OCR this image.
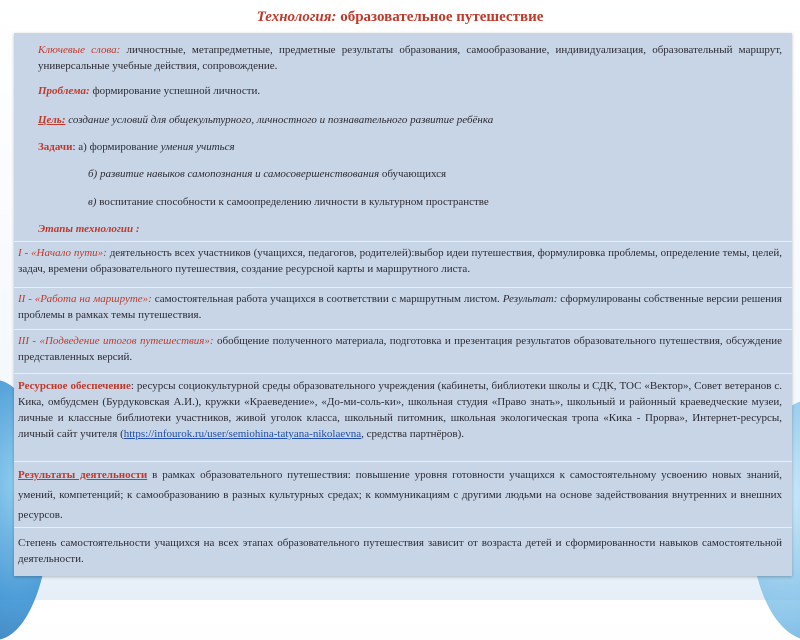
Технология: образовательное путешествие

Ключевые слова: личностные, метапредметные, предметные результаты образования, самообразование, индивидуализация, образовательный маршрут, универсальные учебные действия, сопровождение.

Проблема: формирование успешной личности.

Цель: создание условий для общекультурного, личностного и познавательного развитие ребёнка

Задачи: а) формирование умения учиться

б) развитие навыков самопознания и самосовершенствования обучающихся

в) воспитание способности к самоопределению личности в культурном пространстве

Этапы технологии :

I - «Начало пути»: деятельность всех участников (учащихся, педагогов, родителей):выбор идеи путешествия, формулировка проблемы, определение темы, целей, задач, времени образовательного путешествия, создание ресурсной карты и маршрутного листа.

II - «Работа на маршруте»: самостоятельная работа учащихся в соответствии с маршрутным листом. Результат: сформулированы собственные версии решения проблемы в рамках темы путешествия.

III - «Подведение итогов путешествия»: обобщение полученного материала, подготовка и презентация результатов образовательного путешествия, обсуждение представленных версий.

Ресурсное обеспечение: ресурсы социокультурной среды образовательного учреждения (кабинеты, библиотеки школы и СДК, ТОС «Вектор», Совет ветеранов с. Кика, омбудсмен (Бурдуковская А.И.), кружки «Краеведение», «До-ми-соль-ки», школьная студия «Право знать», школьный и районный краеведческие музеи, личные и классные библиотеки участников, живой уголок класса, школьный питомник, школьная экологическая тропа «Кика - Прорва», Интернет-ресурсы, личный сайт учителя (https://infourok.ru/user/semiohina-tatyana-nikolaevna, средства партнёров).

Результаты деятельности в рамках образовательного путешествия: повышение уровня готовности учащихся к самостоятельному усвоению новых знаний, умений, компетенций; к самообразованию в разных культурных средах; к коммуникациям с другими людьми на основе задействования внутренних и внешних ресурсов.

Степень самостоятельности учащихся на всех этапах образовательного путешествия зависит от возраста детей и сформированности навыков самостоятельной деятельности.
